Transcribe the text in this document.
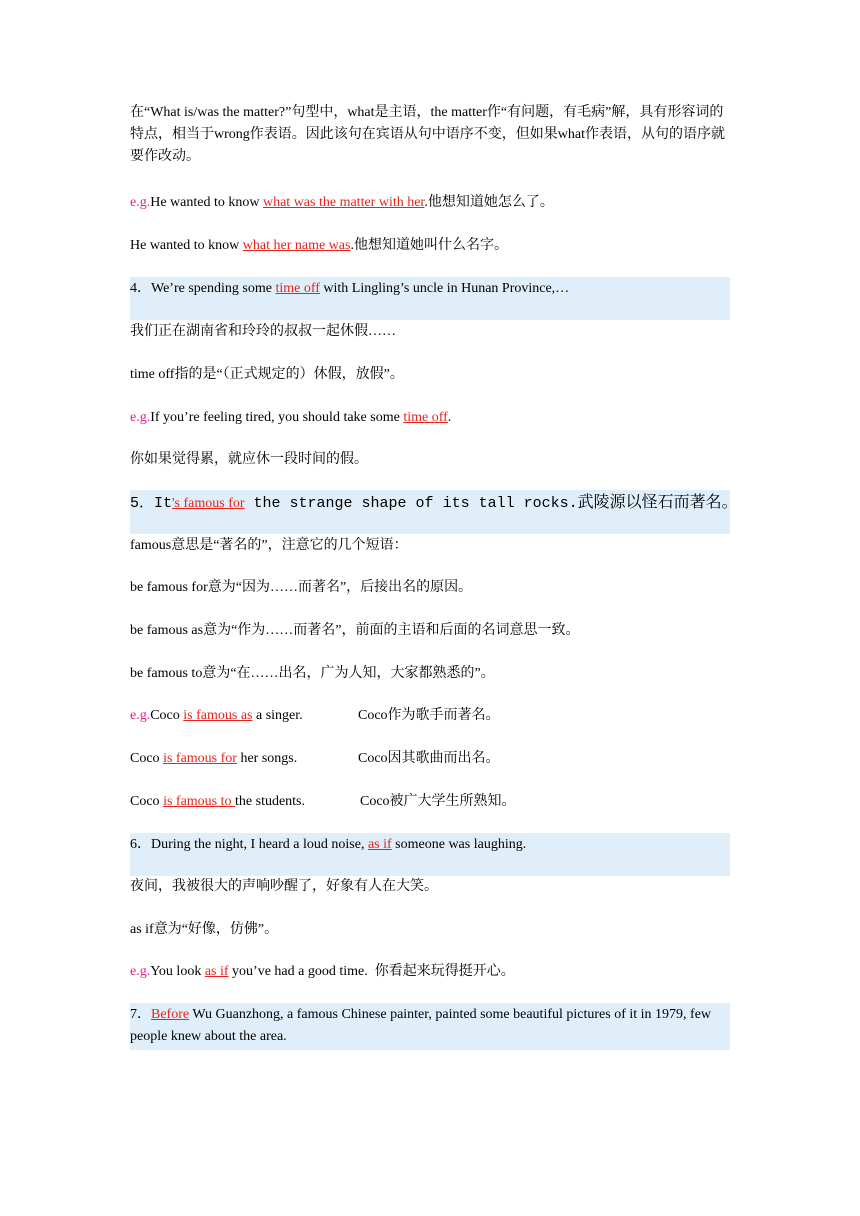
在“What is/was the matter?”句型中，what是主语，the matter作“有问题，有毛病”解，具有形容词的特点，相当于wrong作表语。因此该句在宾语从句中语序不变，但如果what作表语，从句的语序就要作改动。
e.g.He wanted to know what was the matter with her.他想知道她怎么了。
He wanted to know what her name was.他想知道她叫什么名字。
4．We’re spending some time off with Lingling’s uncle in Hunan Province,…
我们正在湖南省和玲玲的叔叔一起休假……
time off指的是“（正式规定的）休假，放假”。
e.g.If you’re feeling tired, you should take some time off.
你如果觉得累，就应休一段时间的假。
5．It's famous for the strange shape of its tall rocks.武陵源以怪石而著名。
famous意思是“著名的”，注意它的几个短语：
be famous for意为“因为……而著名”，后接出名的原因。
be famous as意为“作为……而著名”，前面的主语和后面的名词意思一致。
be famous to意为“在……出名，广为人知，大家都熟悉的”。
e.g.Coco is famous as a singer.	Coco作为歌手而著名。
Coco is famous for her songs.	Coco因其歌曲而出名。
Coco is famous to the students.	Coco被广大学生所熟知。
6．During the night, I heard a loud noise, as if someone was laughing.
夜间，我被很大的声响吵醒了，好象有人在大笑。
as if意为“好像，仿佛”。
e.g.You look as if you’ve had a good time.  你看起来玩得挺开心。
7．Before Wu Guanzhong, a famous Chinese painter, painted some beautiful pictures of it in 1979, few people knew about the area.
